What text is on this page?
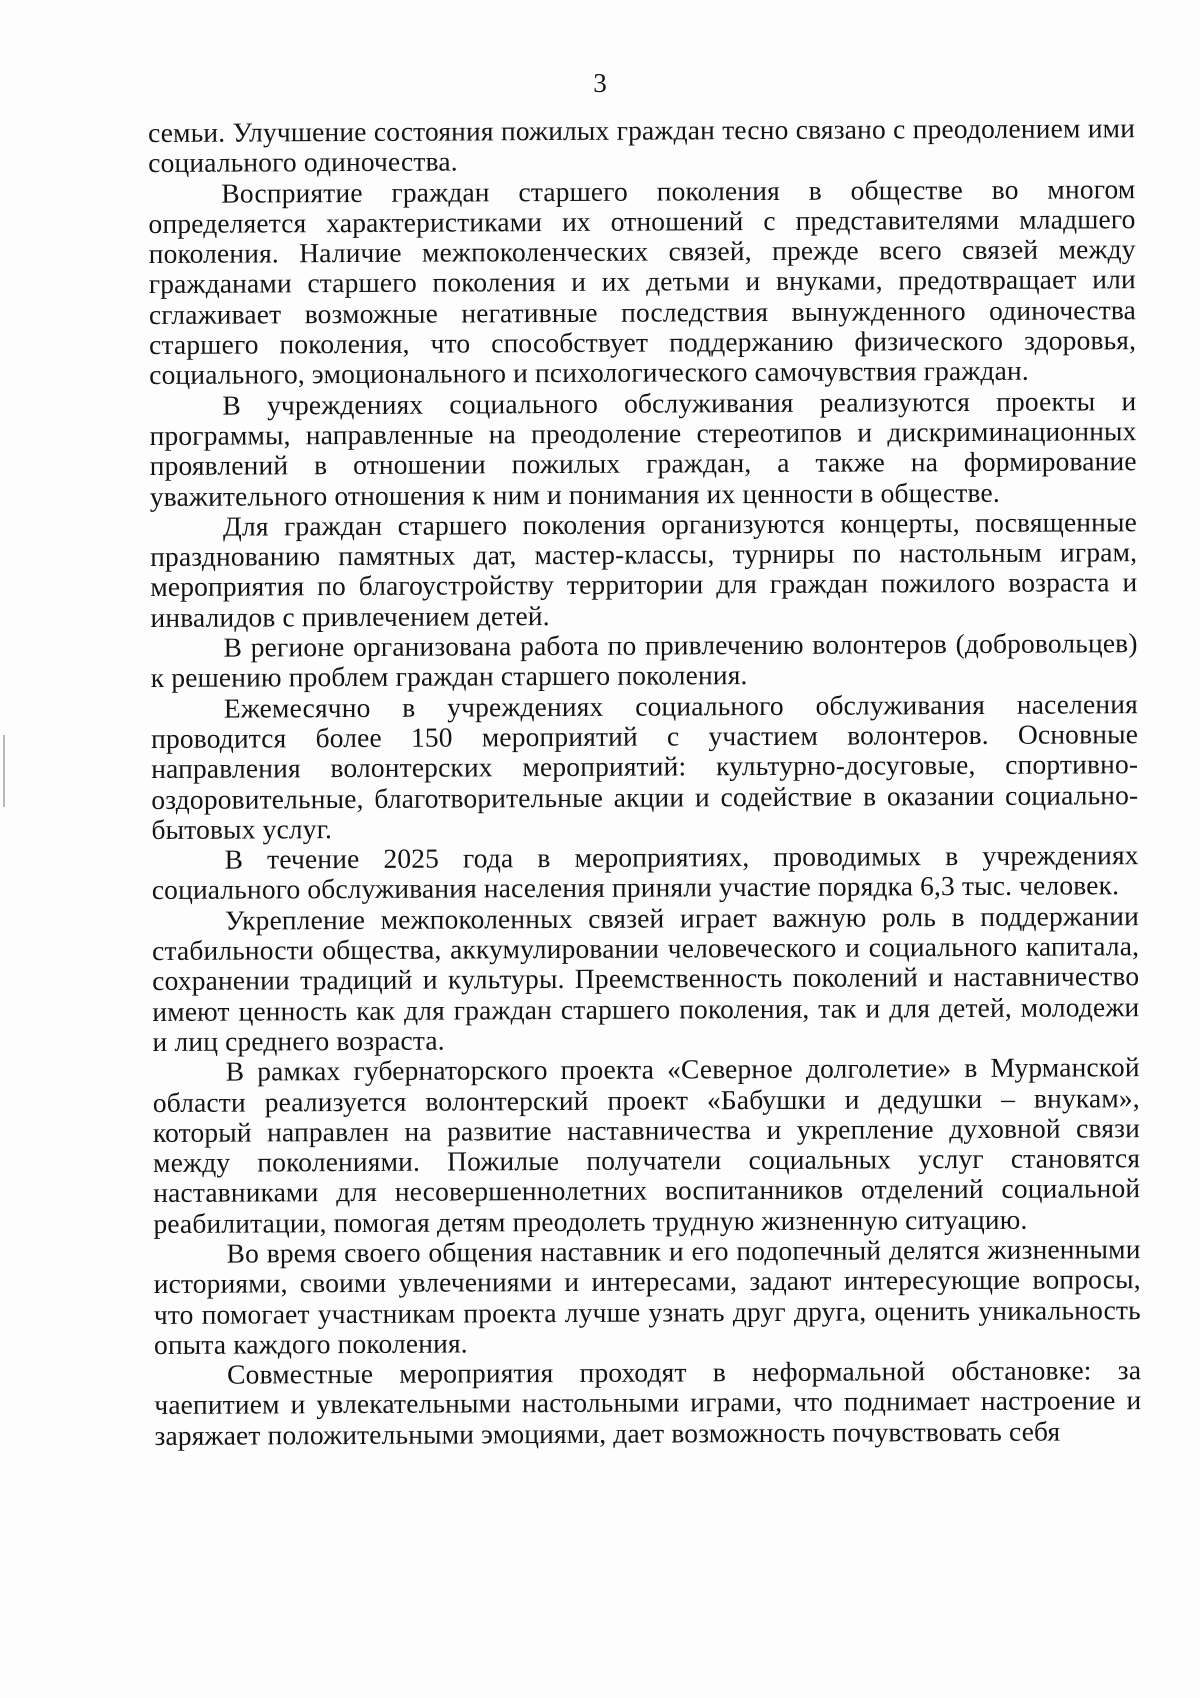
3

семьи. Улучшение состояния пожилых граждан тесно связано с преодолением ими социального одиночества.

Восприятие граждан старшего поколения в обществе во многом определяется характеристиками их отношений с представителями младшего поколения. Наличие межпоколенческих связей, прежде всего связей между гражданами старшего поколения и их детьми и внуками, предотвращает или сглаживает возможные негативные последствия вынужденного одиночества старшего поколения, что способствует поддержанию физического здоровья, социального, эмоционального и психологического самочувствия граждан.

В учреждениях социального обслуживания реализуются проекты и программы, направленные на преодоление стереотипов и дискриминационных проявлений в отношении пожилых граждан, а также на формирование уважительного отношения к ним и понимания их ценности в обществе.

Для граждан старшего поколения организуются концерты, посвященные празднованию памятных дат, мастер-классы, турниры по настольным играм, мероприятия по благоустройству территории для граждан пожилого возраста и инвалидов с привлечением детей.

В регионе организована работа по привлечению волонтеров (добровольцев) к решению проблем граждан старшего поколения.

Ежемесячно в учреждениях социального обслуживания населения проводится более 150 мероприятий с участием волонтеров. Основные направления волонтерских мероприятий: культурно-досуговые, спортивно-оздоровительные, благотворительные акции и содействие в оказании социально-бытовых услуг.

В течение 2025 года в мероприятиях, проводимых в учреждениях социального обслуживания населения приняли участие порядка 6,3 тыс. человек.

Укрепление межпоколенных связей играет важную роль в поддержании стабильности общества, аккумулировании человеческого и социального капитала, сохранении традиций и культуры. Преемственность поколений и наставничество имеют ценность как для граждан старшего поколения, так и для детей, молодежи и лиц среднего возраста.

В рамках губернаторского проекта «Северное долголетие» в Мурманской области реализуется волонтерский проект «Бабушки и дедушки – внукам», который направлен на развитие наставничества и укрепление духовной связи между поколениями. Пожилые получатели социальных услуг становятся наставниками для несовершеннолетних воспитанников отделений социальной реабилитации, помогая детям преодолеть трудную жизненную ситуацию.

Во время своего общения наставник и его подопечный делятся жизненными историями, своими увлечениями и интересами, задают интересующие вопросы, что помогает участникам проекта лучше узнать друг друга, оценить уникальность опыта каждого поколения.

Совместные мероприятия проходят в неформальной обстановке: за чаепитием и увлекательными настольными играми, что поднимает настроение и заряжает положительными эмоциями, дает возможность почувствовать себя
